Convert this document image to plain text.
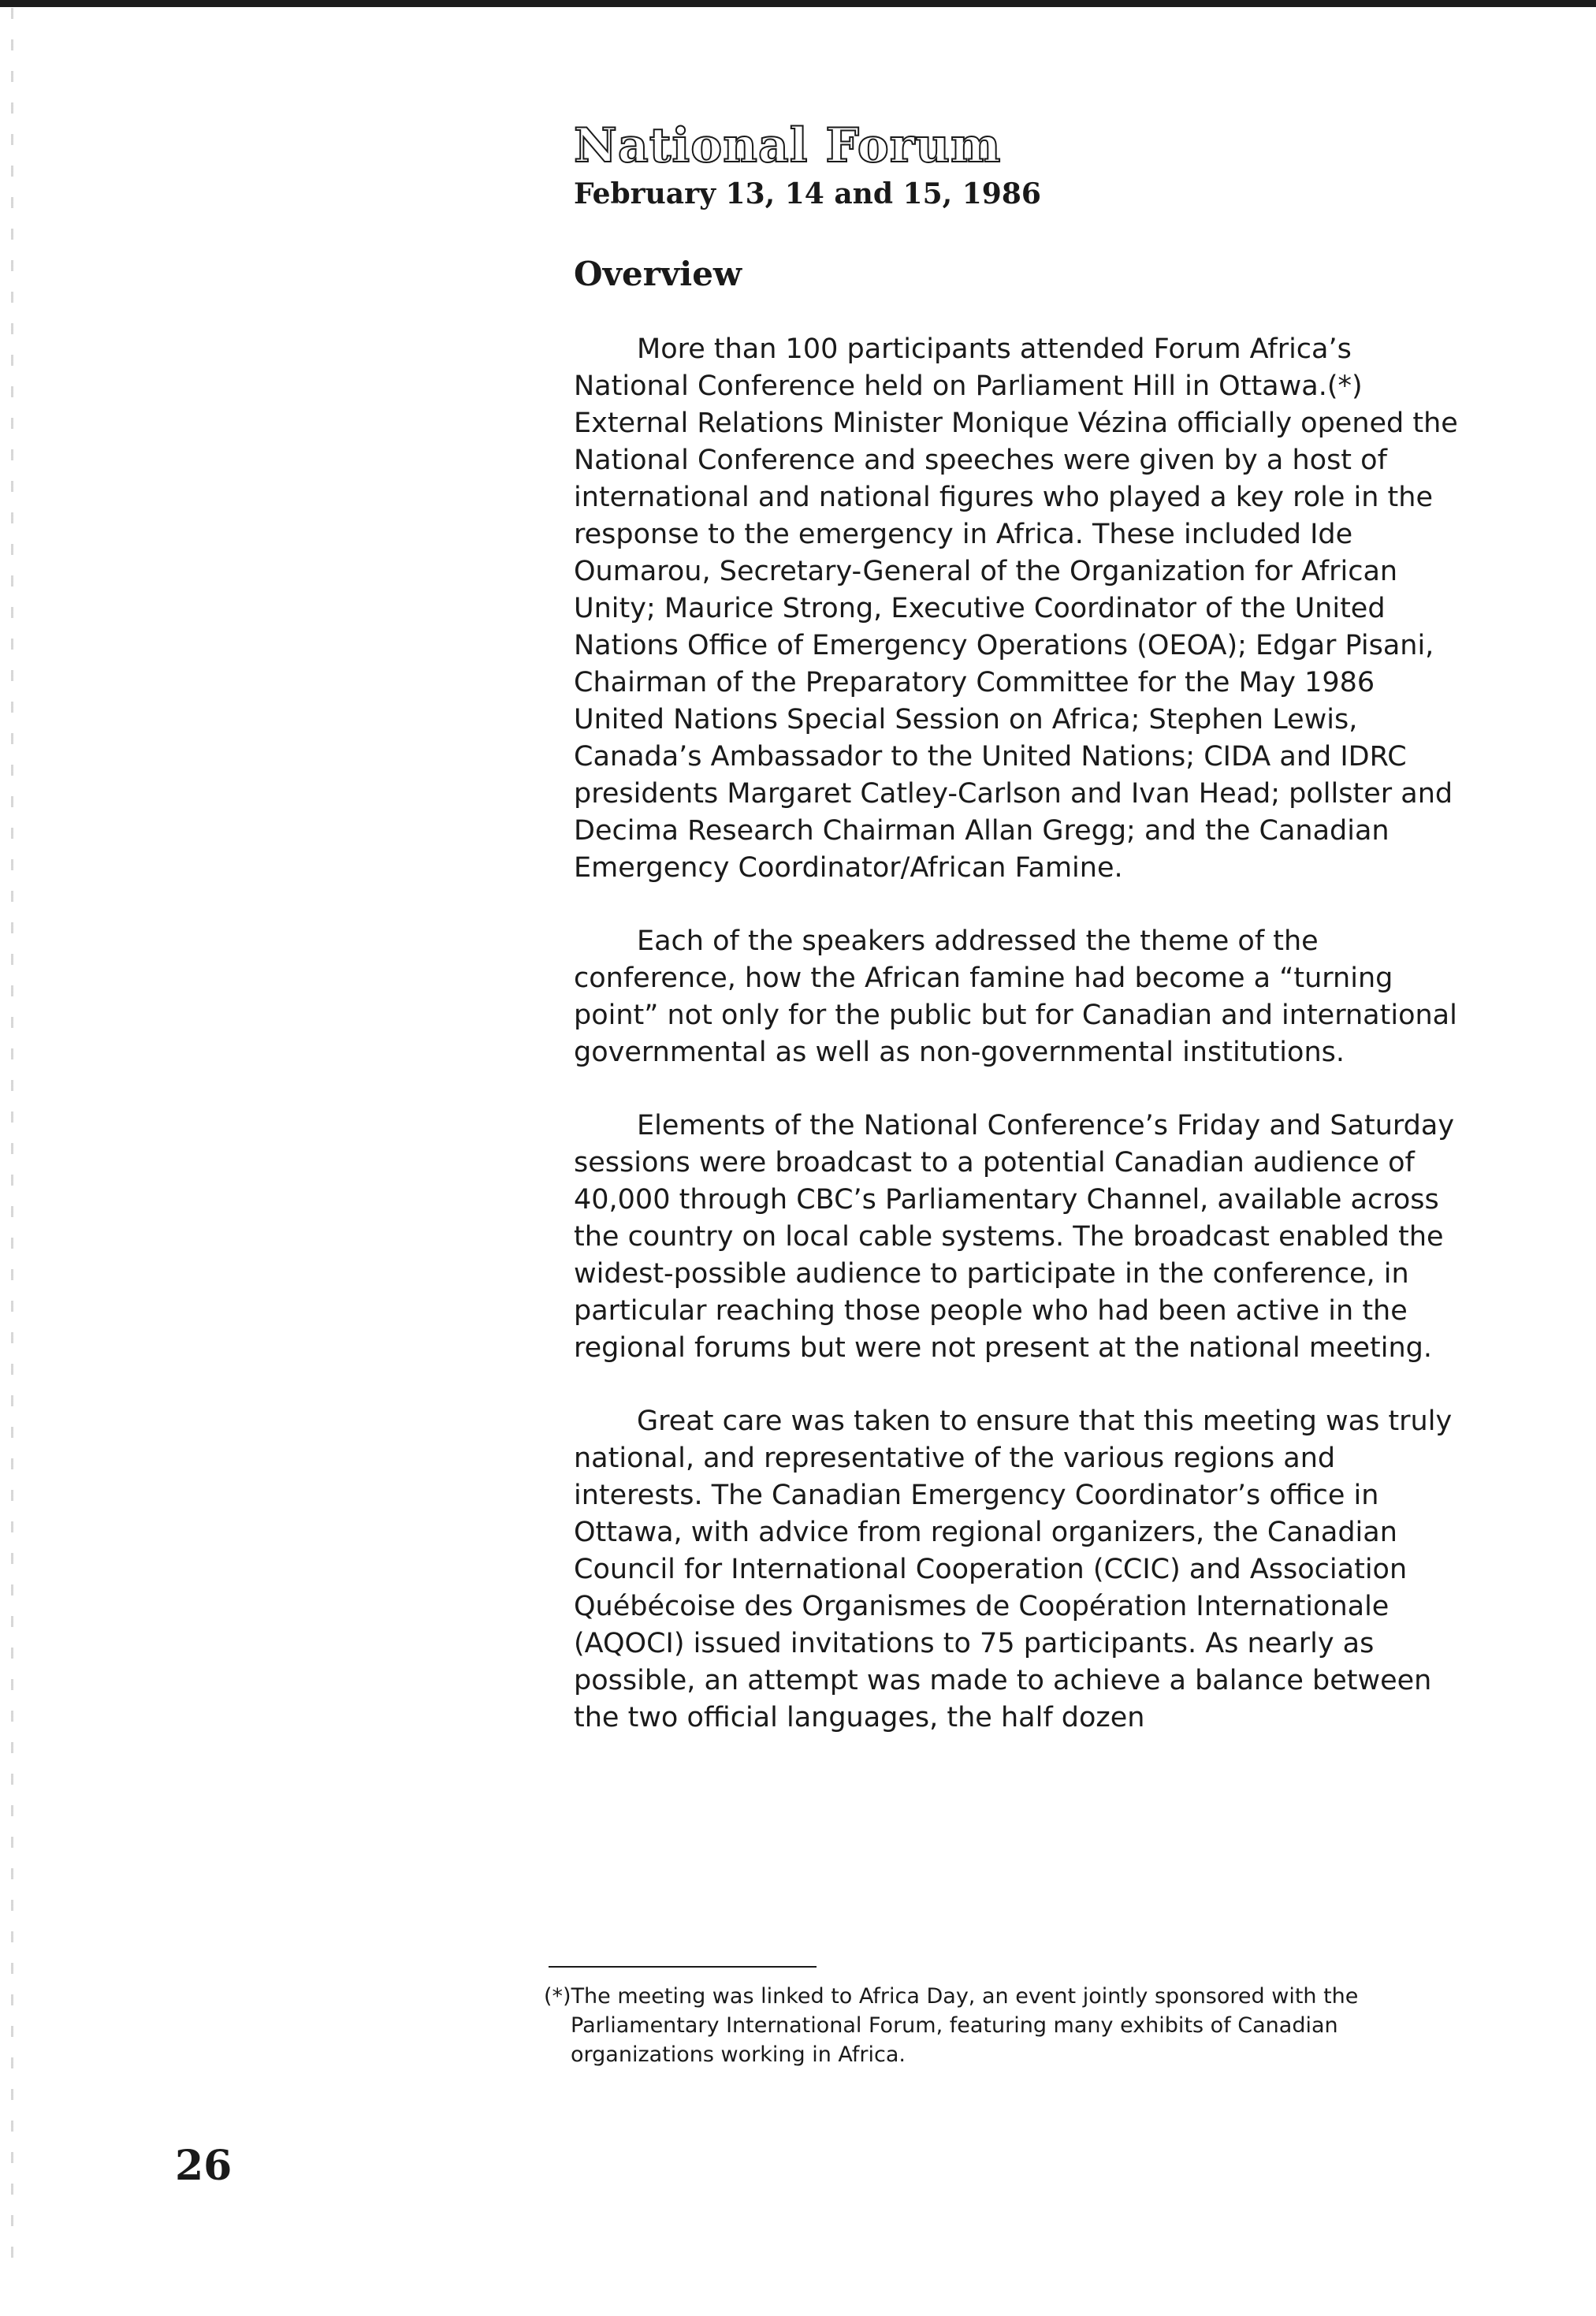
National Forum

February 13, 14 and 15, 1986

Overview

More than 100 participants attended Forum Africa’s National Conference held on Parliament Hill in Ottawa.(*) External Relations Minister Monique Vézina officially opened the National Conference and speeches were given by a host of international and national figures who played a key role in the response to the emergency in Africa. These included Ide Oumarou, Secretary-General of the Organization for African Unity; Maurice Strong, Executive Coordinator of the United Nations Office of Emergency Operations (OEOA); Edgar Pisani, Chairman of the Preparatory Committee for the May 1986 United Nations Special Session on Africa; Stephen Lewis, Canada’s Ambassador to the United Nations; CIDA and IDRC presidents Margaret Catley-Carlson and Ivan Head; pollster and Decima Research Chairman Allan Gregg; and the Canadian Emergency Coordinator/African Famine.

Each of the speakers addressed the theme of the conference, how the African famine had become a “turning point” not only for the public but for Canadian and international governmental as well as non-governmental institutions.

Elements of the National Conference’s Friday and Saturday sessions were broadcast to a potential Canadian audience of 40,000 through CBC’s Parliamentary Channel, available across the country on local cable systems. The broadcast enabled the widest-possible audience to participate in the conference, in particular reaching those people who had been active in the regional forums but were not present at the national meeting.

Great care was taken to ensure that this meeting was truly national, and representative of the various regions and interests. The Canadian Emergency Coordinator’s office in Ottawa, with advice from regional organizers, the Canadian Council for International Cooperation (CCIC) and Association Québécoise des Organismes de Coopération Internationale (AQOCI) issued invitations to 75 participants. As nearly as possible, an attempt was made to achieve a balance between the two official languages, the half dozen

(*)The meeting was linked to Africa Day, an event jointly sponsored with the Parliamentary International Forum, featuring many exhibits of Canadian organizations working in Africa.

26
